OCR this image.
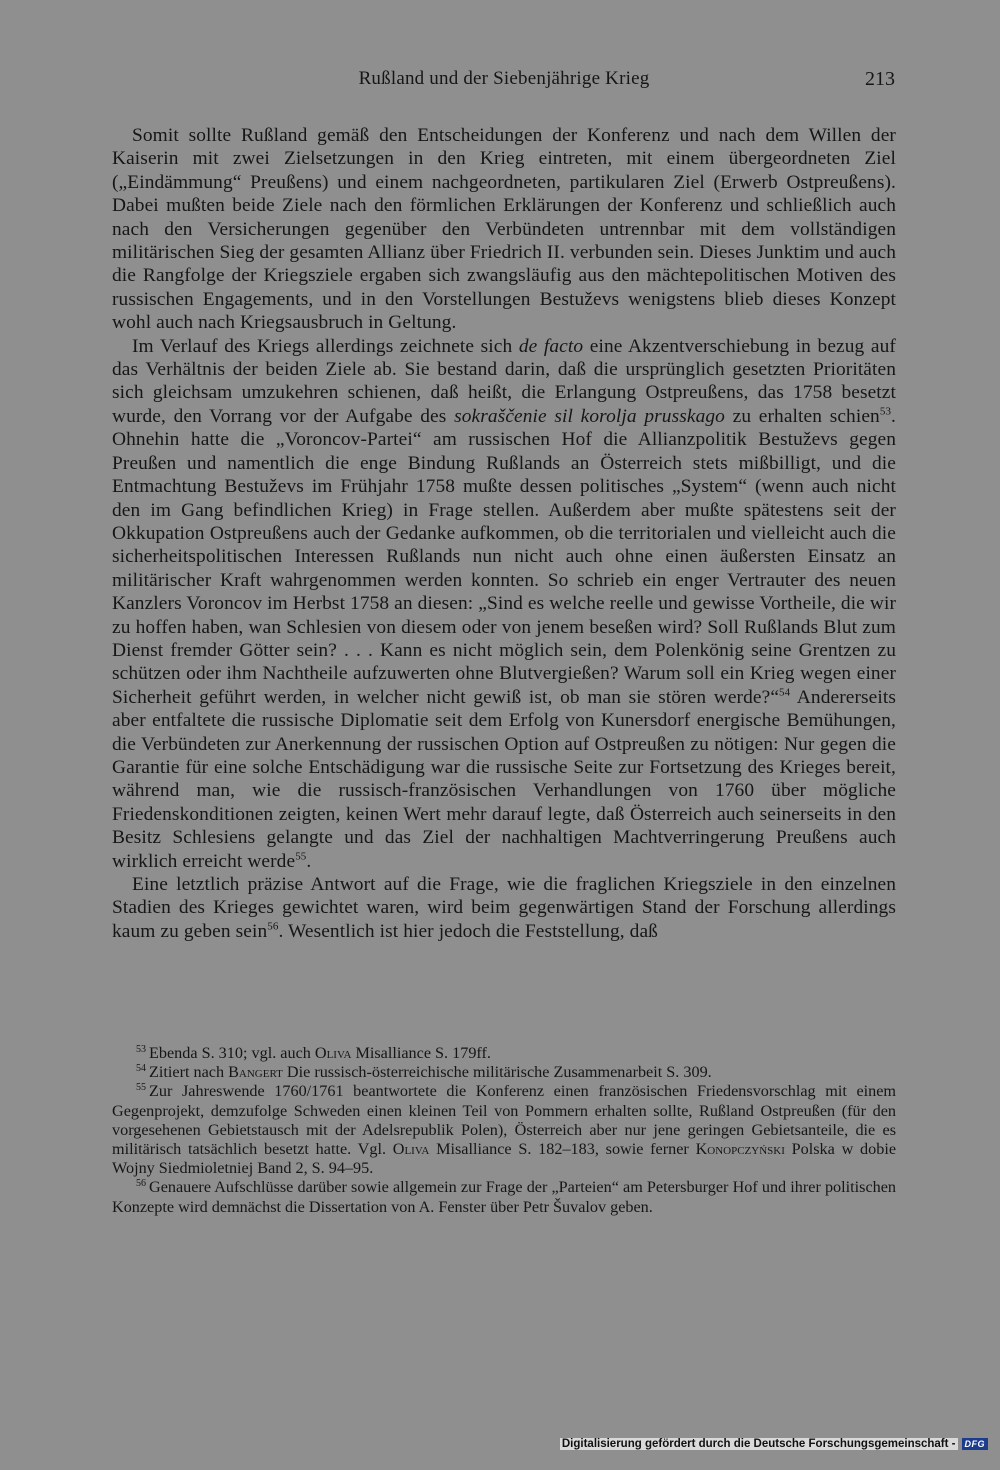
Rußland und der Siebenjährige Krieg	213

Somit sollte Rußland gemäß den Entscheidungen der Konferenz und nach dem Willen der Kaiserin mit zwei Zielsetzungen in den Krieg eintreten, mit einem übergeordneten Ziel („Eindämmung“ Preußens) und einem nachgeordneten, partikularen Ziel (Erwerb Ostpreußens). Dabei mußten beide Ziele nach den förmlichen Erklärungen der Konferenz und schließlich auch nach den Versicherungen gegenüber den Verbündeten untrennbar mit dem vollständigen militärischen Sieg der gesamten Allianz über Friedrich II. verbunden sein. Dieses Junktim und auch die Rangfolge der Kriegsziele ergaben sich zwangsläufig aus den mächtepolitischen Motiven des russischen Engagements, und in den Vorstellungen Bestuževs wenigstens blieb dieses Konzept wohl auch nach Kriegsausbruch in Geltung.

Im Verlauf des Kriegs allerdings zeichnete sich de facto eine Akzentverschiebung in bezug auf das Verhältnis der beiden Ziele ab. Sie bestand darin, daß die ursprünglich gesetzten Prioritäten sich gleichsam umzukehren schienen, daß heißt, die Erlangung Ostpreußens, das 1758 besetzt wurde, den Vorrang vor der Aufgabe des sokraščenie sil korolja prusskago zu erhalten schien$^{53}$. Ohnehin hatte die „Voroncov-Partei“ am russischen Hof die Allianzpolitik Bestuževs gegen Preußen und namentlich die enge Bindung Rußlands an Österreich stets mißbilligt, und die Entmachtung Bestuževs im Frühjahr 1758 mußte dessen politisches „System“ (wenn auch nicht den im Gang befindlichen Krieg) in Frage stellen. Außerdem aber mußte spätestens seit der Okkupation Ostpreußens auch der Gedanke aufkommen, ob die territorialen und vielleicht auch die sicherheitspolitischen Interessen Rußlands nun nicht auch ohne einen äußersten Einsatz an militärischer Kraft wahrgenommen werden konnten. So schrieb ein enger Vertrauter des neuen Kanzlers Voroncov im Herbst 1758 an diesen: „Sind es welche reelle und gewisse Vortheile, die wir zu hoffen haben, wan Schlesien von diesem oder von jenem beseßen wird? Soll Rußlands Blut zum Dienst fremder Götter sein? . . . Kann es nicht möglich sein, dem Polenkönig seine Grentzen zu schützen oder ihm Nachtheile aufzuwerten ohne Blutvergießen? Warum soll ein Krieg wegen einer Sicherheit geführt werden, in welcher nicht gewiß ist, ob man sie stören werde?“$^{54}$ Andererseits aber entfaltete die russische Diplomatie seit dem Erfolg von Kunersdorf energische Bemühungen, die Verbündeten zur Anerkennung der russischen Option auf Ostpreußen zu nötigen: Nur gegen die Garantie für eine solche Entschädigung war die russische Seite zur Fortsetzung des Krieges bereit, während man, wie die russisch-französischen Verhandlungen von 1760 über mögliche Friedenskonditionen zeigten, keinen Wert mehr darauf legte, daß Österreich auch seinerseits in den Besitz Schlesiens gelangte und das Ziel der nachhaltigen Machtverringerung Preußens auch wirklich erreicht werde$^{55}$.

Eine letztlich präzise Antwort auf die Frage, wie die fraglichen Kriegsziele in den einzelnen Stadien des Krieges gewichtet waren, wird beim gegenwärtigen Stand der Forschung allerdings kaum zu geben sein$^{56}$. Wesentlich ist hier jedoch die Feststellung, daß

$^{53}$ Ebenda S. 310; vgl. auch Oliva Misalliance S. 179ff.

$^{54}$ Zitiert nach Bangert Die russisch-österreichische militärische Zusammenarbeit S. 309.

$^{55}$ Zur Jahreswende 1760/1761 beantwortete die Konferenz einen französischen Friedensvorschlag mit einem Gegenprojekt, demzufolge Schweden einen kleinen Teil von Pommern erhalten sollte, Rußland Ostpreußen (für den vorgesehenen Gebietstausch mit der Adelsrepublik Polen), Österreich aber nur jene geringen Gebietsanteile, die es militärisch tatsächlich besetzt hatte. Vgl. Oliva Misalliance S. 182–183, sowie ferner Konopczyński Polska w dobie Wojny Siedmioletniej Band 2, S. 94–95.

$^{56}$ Genauere Aufschlüsse darüber sowie allgemein zur Frage der „Parteien“ am Petersburger Hof und ihrer politischen Konzepte wird demnächst die Dissertation von A. Fenster über Petr Šuvalov geben.

Digitalisierung gefördert durch die Deutsche Forschungsgemeinschaft -	DFG
